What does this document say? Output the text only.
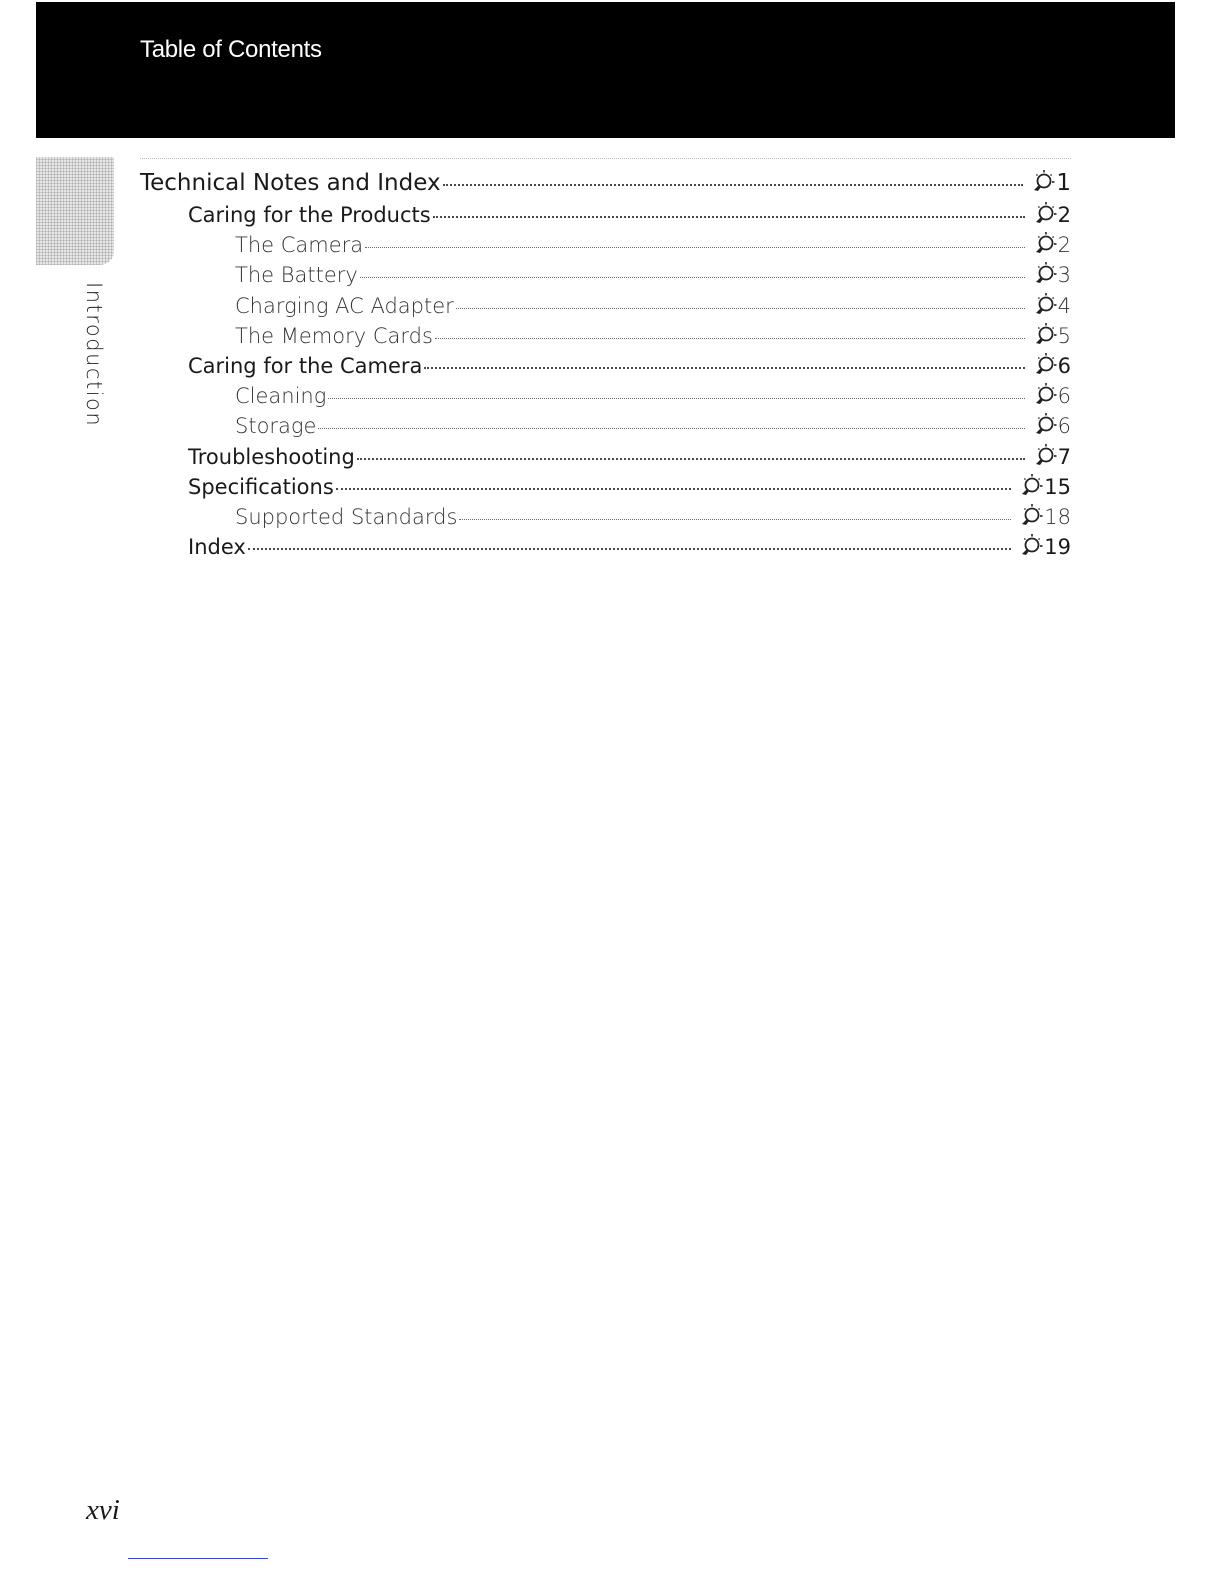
Table of Contents
Introduction
Technical Notes and Index	1
Caring for the Products	2
The Camera	2
The Battery	3
Charging AC Adapter	4
The Memory Cards	5
Caring for the Camera	6
Cleaning	6
Storage	6
Troubleshooting	7
Specifications	15
Supported Standards	18
Index	19
xvi
